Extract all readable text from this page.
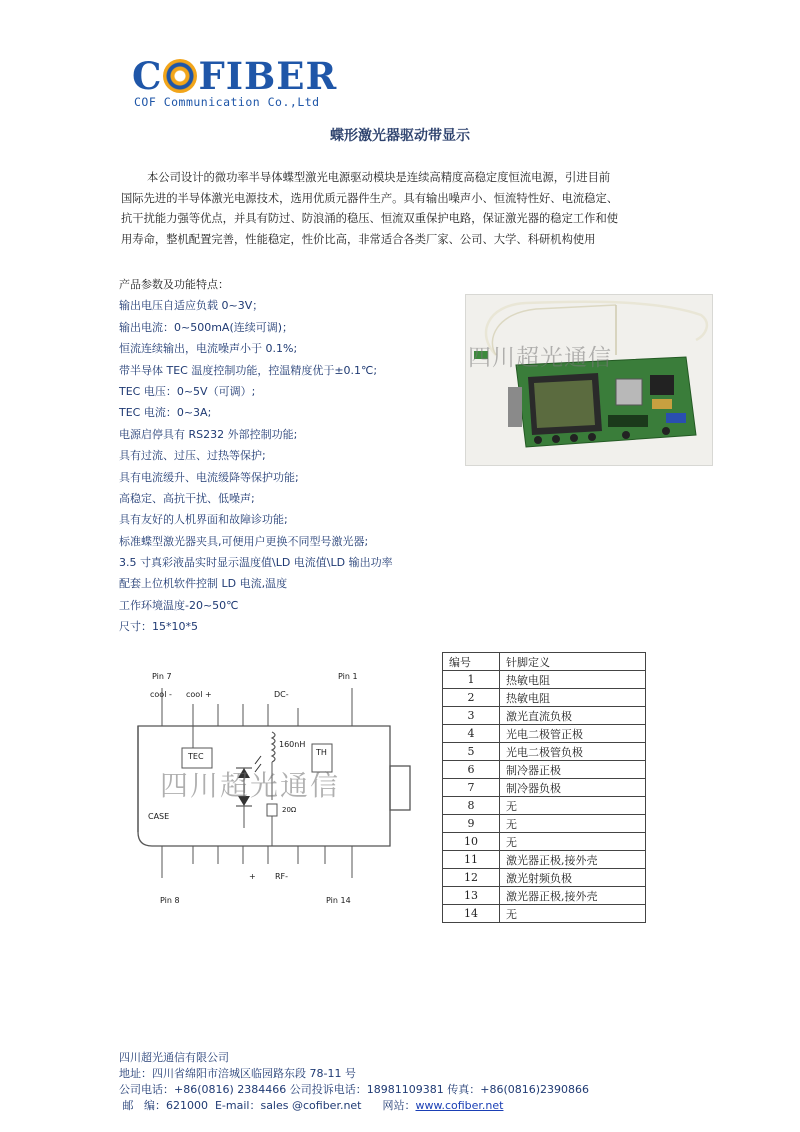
C FIBER
COF Communication Co.,Ltd
蝶形激光器驱动带显示
本公司设计的微功率半导体蝶型激光电源驱动模块是连续高精度高稳定度恒流电源，引进目前国际先进的半导体激光电源技术，选用优质元器件生产。具有输出噪声小、恒流特性好、电流稳定、抗干扰能力强等优点，并具有防过、防浪涌的稳压、恒流双重保护电路，保证激光器的稳定工作和使用寿命，整机配置完善，性能稳定，性价比高，非常适合各类厂家、公司、大学、科研机构使用
产品参数及功能特点：
输出电压自适应负载 0~3V；
输出电流：0~500mA(连续可调)；
恒流连续输出，电流噪声小于 0.1%;
带半导体 TEC 温度控制功能，控温精度优于±0.1℃;
TEC 电压：0~5V（可调）;
TEC 电流：0~3A;
电源启停具有 RS232 外部控制功能;
具有过流、过压、过热等保护;
具有电流缓升、电流缓降等保护功能;
高稳定、高抗干扰、低噪声;
具有友好的人机界面和故障诊功能;
标准蝶型激光器夹具,可便用户更换不同型号激光器;
3.5 寸真彩液晶实时显示温度值\LD 电流值\LD 输出功率
配套上位机软件控制 LD 电流,温度
工作环境温度-20~50℃
尺寸：15*10*5
四川超光通信
Pin 7	Pin 1
cool - cool +	DC-
TEC
160nH
TH
20Ω
CASE
+ RF-
Pin 8	Pin 14
四川超光通信
编号	针脚定义
1	热敏电阻
2	热敏电阻
3	激光直流负极
4	光电二极管正极
5	光电二极管负极
6	制冷器正极
7	制冷器负极
8	无
9	无
10	无
11	激光器正极,接外壳
12	激光射频负极
13	激光器正极,接外壳
14	无
四川超光通信有限公司
地址：四川省绵阳市涪城区临园路东段 78-11 号
公司电话：+86(0816) 2384466 公司投诉电话：18981109381 传真：+86(0816)2390866
邮   编：621000  E-mail：sales @cofiber.net      网站：www.cofiber.net
